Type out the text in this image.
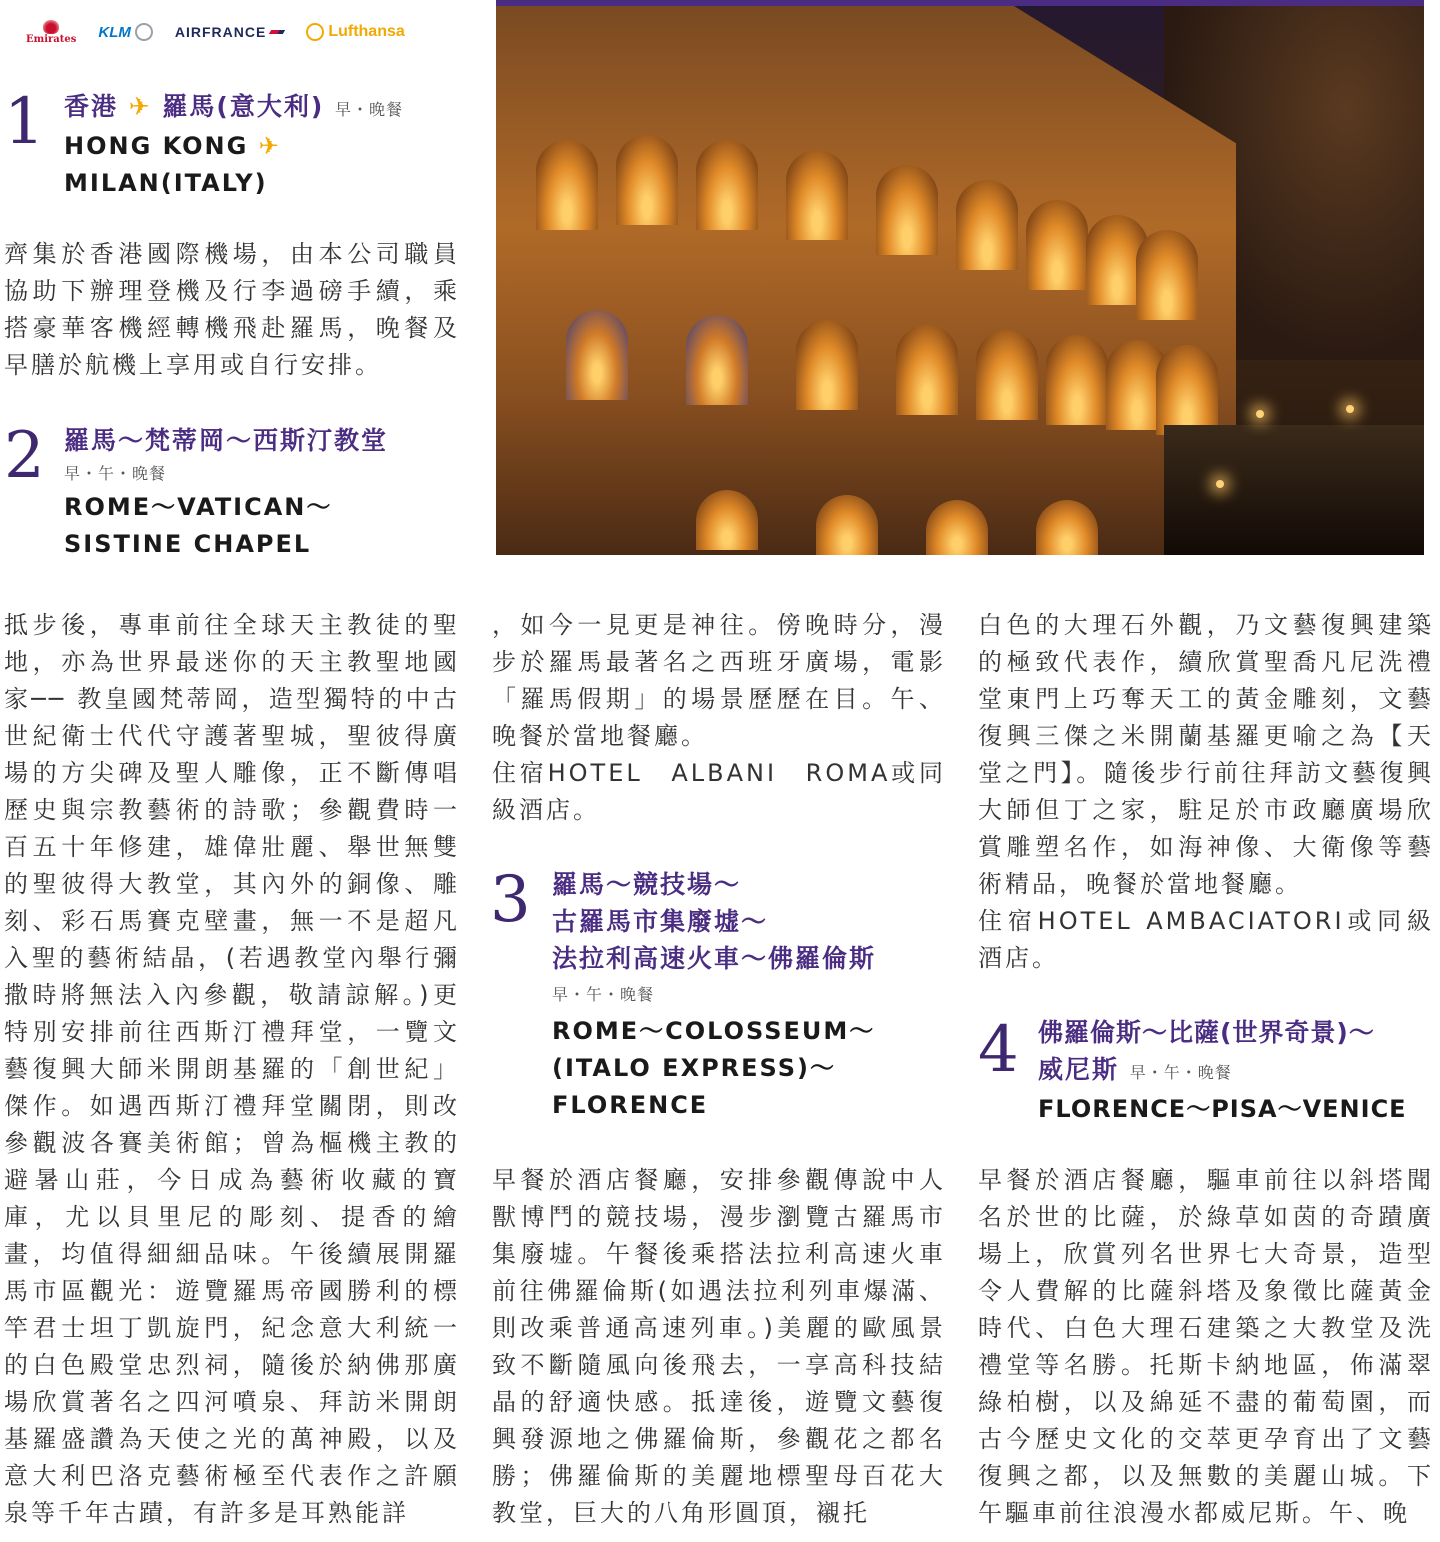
Emirates KLM	AIRFRANCE	Lufthansa
1 香港 ✈ 羅馬(意大利) 早・晚餐
HONG KONG ✈
MILAN(ITALY)

齊集於香港國際機場，由本公司職員協助下辦理登機及行李過磅手續，乘搭豪華客機經轉機飛赴羅馬，晚餐及早膳於航機上享用或自行安排。

2 羅馬～梵蒂岡～西斯汀教堂
早・午・晚餐
ROME～VATICAN～
SISTINE CHAPEL

抵步後，專車前往全球天主教徒的聖地，亦為世界最迷你的天主教聖地國家── 教皇國梵蒂岡，造型獨特的中古世紀衛士代代守護著聖城，聖彼得廣場的方尖碑及聖人雕像，正不斷傳唱歷史與宗教藝術的詩歌；參觀費時一百五十年修建，雄偉壯麗、舉世無雙的聖彼得大教堂，其內外的銅像、雕刻、彩石馬賽克壁畫，無一不是超凡入聖的藝術結晶，(若遇教堂內舉行彌撒時將無法入內參觀，敬請諒解。)更特別安排前往西斯汀禮拜堂，一覽文藝復興大師米開朗基羅的「創世紀」傑作。如遇西斯汀禮拜堂關閉，則改參觀波各賽美術館；曾為樞機主教的避暑山莊，今日成為藝術收藏的寶庫，尤以貝里尼的彫刻、提香的繪畫，均值得細細品味。午後續展開羅馬市區觀光：遊覽羅馬帝國勝利的標竿君士坦丁凱旋門，紀念意大利統一的白色殿堂忠烈祠，隨後於納佛那廣場欣賞著名之四河噴泉、拜訪米開朗基羅盛讚為天使之光的萬神殿，以及意大利巴洛克藝術極至代表作之許願泉等千年古蹟，有許多是耳熟能詳

，如今一見更是神往。傍晚時分，漫步於羅馬最著名之西班牙廣場，電影「羅馬假期」的場景歷歷在目。午、晚餐於當地餐廳。

住宿HOTEL　ALBANI　ROMA或同級酒店。

3 羅馬～競技場～
古羅馬市集廢墟～
法拉利高速火車～佛羅倫斯
早・午・晚餐
ROME～COLOSSEUM～
(ITALO EXPRESS)～
FLORENCE

早餐於酒店餐廳，安排參觀傳說中人獸博鬥的競技場，漫步瀏覽古羅馬市集廢墟。午餐後乘搭法拉利高速火車前往佛羅倫斯(如遇法拉利列車爆滿、則改乘普通高速列車。)美麗的歐風景致不斷隨風向後飛去，一享高科技結晶的舒適快感。抵達後，遊覽文藝復興發源地之佛羅倫斯，參觀花之都名勝；佛羅倫斯的美麗地標聖母百花大教堂，巨大的八角形圓頂，襯托

白色的大理石外觀，乃文藝復興建築的極致代表作，續欣賞聖喬凡尼洗禮堂東門上巧奪天工的黃金雕刻，文藝復興三傑之米開蘭基羅更喻之為【天堂之門】。隨後步行前往拜訪文藝復興大師但丁之家，駐足於市政廳廣場欣賞雕塑名作，如海神像、大衛像等藝術精品，晚餐於當地餐廳。

住宿HOTEL AMBACIATORI或同級酒店。

4 佛羅倫斯～比薩(世界奇景)～
威尼斯 早・午・晚餐
FLORENCE～PISA～VENICE

早餐於酒店餐廳，驅車前往以斜塔聞名於世的比薩，於綠草如茵的奇蹟廣場上，欣賞列名世界七大奇景，造型令人費解的比薩斜塔及象徵比薩黃金時代、白色大理石建築之大教堂及洗禮堂等名勝。托斯卡納地區，佈滿翠綠柏樹，以及綿延不盡的葡萄園，而古今歷史文化的交萃更孕育出了文藝復興之都，以及無數的美麗山城。下午驅車前往浪漫水都威尼斯。午、晚
